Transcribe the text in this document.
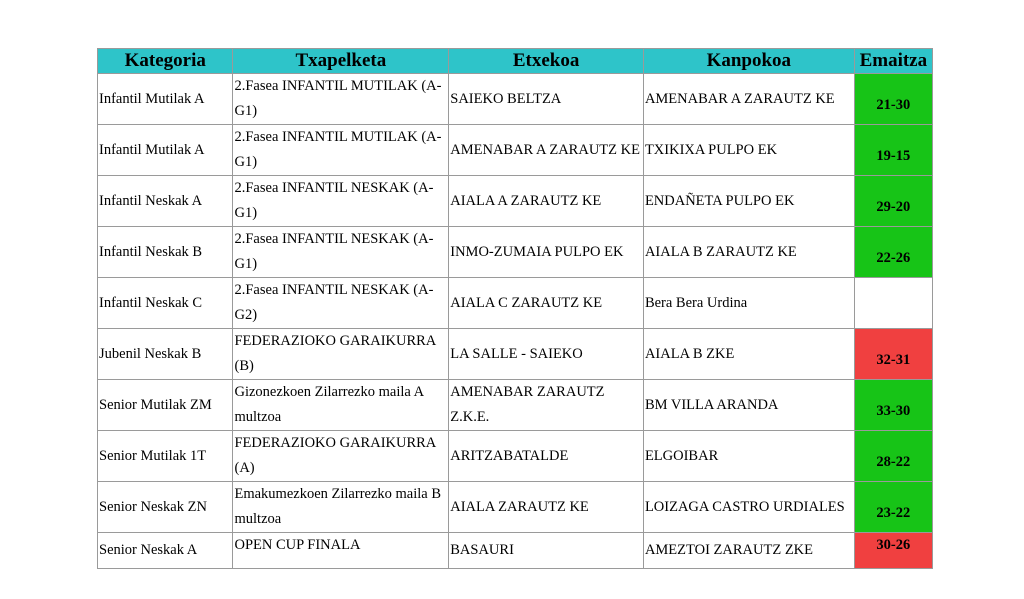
Kategoria	Txapelketa	Etxekoa	Kanpokoa	Emaitza
Infantil Mutilak A	2.Fasea INFANTIL MUTILAK (A-G1)	SAIEKO BELTZA	AMENABAR A ZARAUTZ KE	21-30
Infantil Mutilak A	2.Fasea INFANTIL MUTILAK (A-G1)	AMENABAR A ZARAUTZ KE	TXIKIXA PULPO EK	19-15
Infantil Neskak A	2.Fasea INFANTIL NESKAK (A-G1)	AIALA A ZARAUTZ KE	ENDAÑETA PULPO EK	29-20
Infantil Neskak B	2.Fasea INFANTIL NESKAK (A-G1)	INMO-ZUMAIA PULPO EK	AIALA B ZARAUTZ KE	22-26
Infantil Neskak C	2.Fasea INFANTIL NESKAK (A-G2)	AIALA C ZARAUTZ KE	Bera Bera Urdina	
Jubenil Neskak B	FEDERAZIOKO GARAIKURRA (B)	LA SALLE - SAIEKO	AIALA B ZKE	32-31
Senior Mutilak ZM	Gizonezkoen Zilarrezko maila A multzoa	AMENABAR ZARAUTZ Z.K.E.	BM VILLA ARANDA	33-30
Senior Mutilak 1T	FEDERAZIOKO GARAIKURRA (A)	ARITZABATALDE	ELGOIBAR	28-22
Senior Neskak ZN	Emakumezkoen Zilarrezko maila B multzoa	AIALA ZARAUTZ KE	LOIZAGA CASTRO URDIALES	23-22
Senior Neskak A	OPEN CUP FINALA	BASAURI	AMEZTOI ZARAUTZ ZKE	30-26
